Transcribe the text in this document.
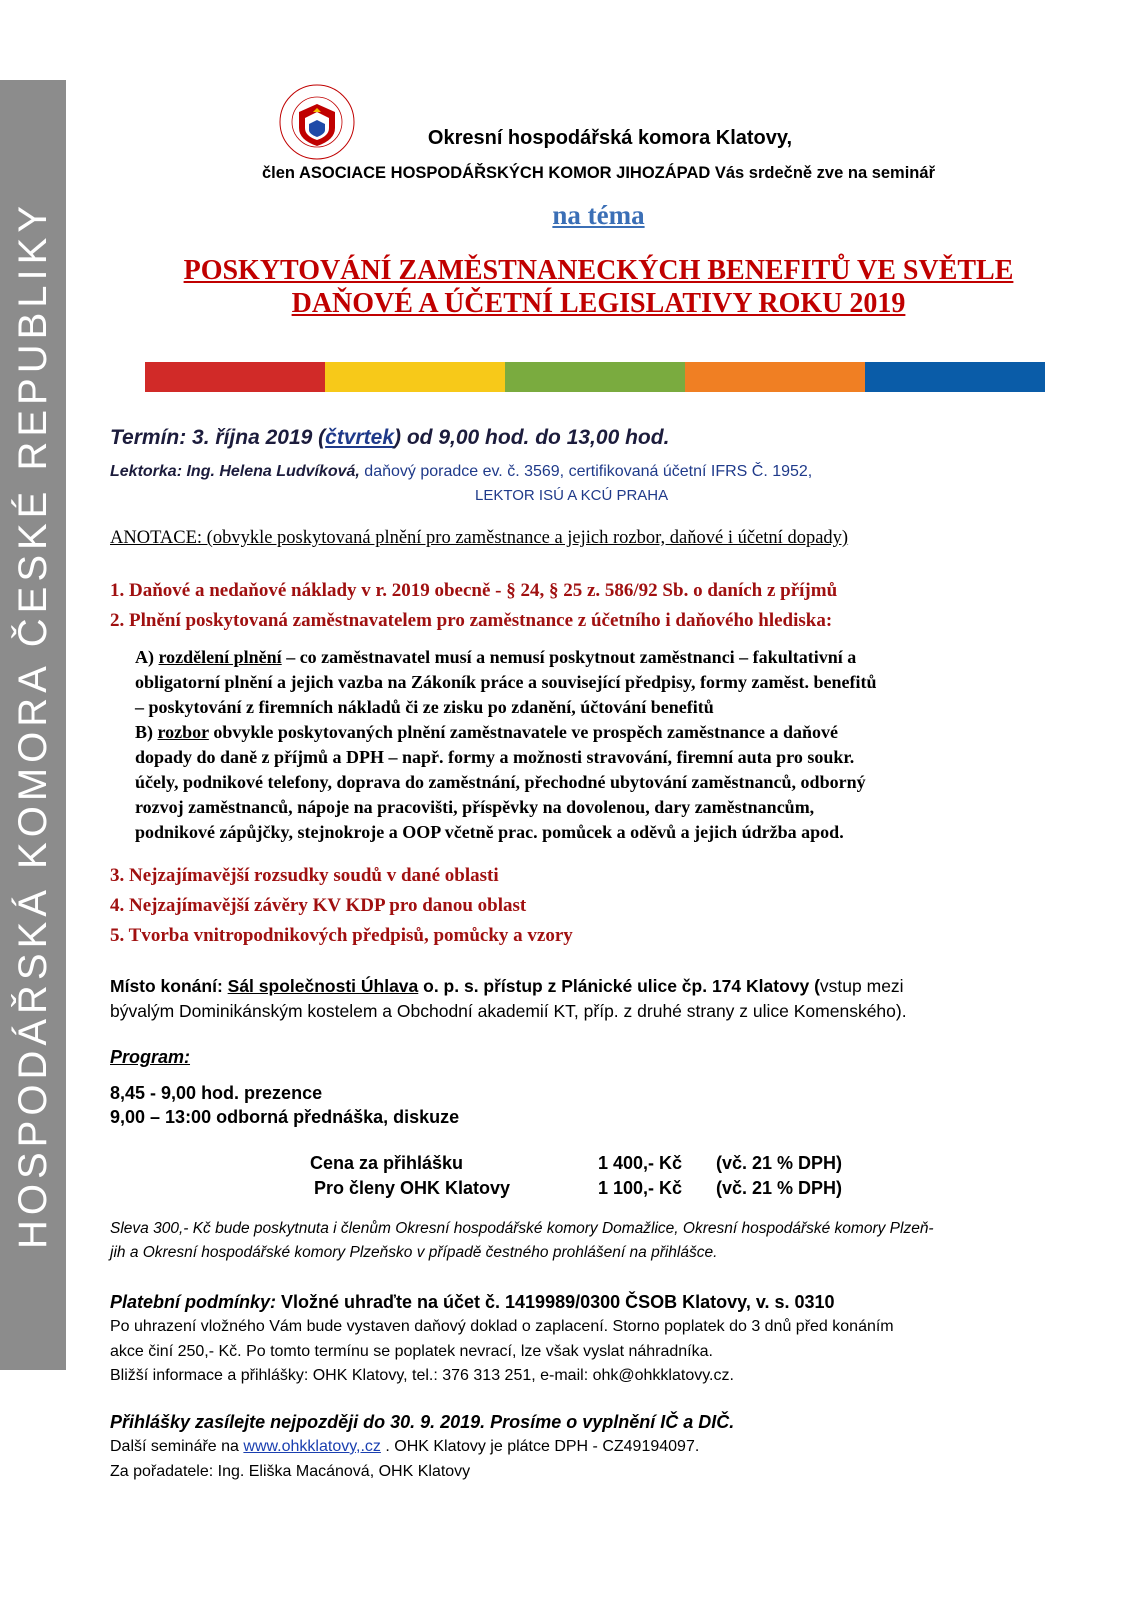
HOSPODÁŘSKÁ KOMORA ČESKÉ REPUBLIKY
Okresní hospodářská komora Klatovy,
člen ASOCIACE HOSPODÁŘSKÝCH KOMOR JIHOZÁPAD Vás srdečně zve na seminář
na téma
POSKYTOVÁNÍ ZAMĚSTNANECKÝCH BENEFITŮ VE SVĚTLE
DAŇOVÉ A ÚČETNÍ LEGISLATIVY ROKU 2019
Termín: 3. října 2019 (čtvrtek) od 9,00 hod. do 13,00 hod.
Lektorka: Ing. Helena Ludvíková, daňový poradce ev. č. 3569, certifikovaná účetní IFRS Č. 1952,
LEKTOR ISÚ A KCÚ PRAHA
ANOTACE: (obvykle poskytovaná plnění pro zaměstnance a jejich rozbor, daňové i účetní dopady)
1. Daňové a nedaňové náklady v r. 2019 obecně - § 24, § 25 z. 586/92 Sb. o daních z příjmů
2. Plnění poskytovaná zaměstnavatelem pro zaměstnance z účetního i daňového hlediska:
A) rozdělení plnění – co zaměstnavatel musí a nemusí poskytnout zaměstnanci – fakultativní a
obligatorní plnění a jejich vazba na Zákoník práce a související předpisy, formy zaměst. benefitů
– poskytování z firemních nákladů či ze zisku po zdanění, účtování benefitů
B) rozbor obvykle poskytovaných plnění zaměstnavatele ve prospěch zaměstnance a daňové
dopady do daně z příjmů a DPH – např. formy a možnosti stravování, firemní auta pro soukr.
účely, podnikové telefony, doprava do zaměstnání, přechodné ubytování zaměstnanců, odborný
rozvoj zaměstnanců, nápoje na pracovišti, příspěvky na dovolenou, dary zaměstnancům,
podnikové zápůjčky, stejnokroje a OOP včetně prac. pomůcek a oděvů a jejich údržba apod.
3. Nejzajímavější rozsudky soudů v dané oblasti
4. Nejzajímavější závěry KV KDP pro danou oblast
5. Tvorba vnitropodnikových předpisů, pomůcky a vzory
Místo konání: Sál společnosti Úhlava o. p. s. přístup z Plánické ulice čp. 174 Klatovy (vstup mezi
bývalým Dominikánským kostelem a Obchodní akademií KT, příp. z druhé strany z ulice Komenského).
Program:
8,45 - 9,00 hod. prezence
9,00 – 13:00 odborná přednáška, diskuze
Cena za přihlášku	1 400,- Kč (vč. 21 % DPH)
Pro členy OHK Klatovy	1 100,- Kč (vč. 21 % DPH)
Sleva 300,- Kč bude poskytnuta i členům Okresní hospodářské komory Domažlice, Okresní hospodářské komory Plzeň-
jih a Okresní hospodářské komory Plzeňsko v případě čestného prohlášení na přihlášce.
Platební podmínky: Vložné uhraďte na účet č. 1419989/0300 ČSOB Klatovy, v. s. 0310
Po uhrazení vložného Vám bude vystaven daňový doklad o zaplacení. Storno poplatek do 3 dnů před konáním
akce činí 250,- Kč. Po tomto termínu se poplatek nevrací, lze však vyslat náhradníka.
Bližší informace a přihlášky: OHK Klatovy, tel.: 376 313 251, e-mail: ohk@ohkklatovy.cz.
Přihlášky zasílejte nejpozději do 30. 9. 2019. Prosíme o vyplnění IČ a DIČ.
Další semináře na www.ohkklatovy,.cz . OHK Klatovy je plátce DPH - CZ49194097.
Za pořadatele: Ing. Eliška Macánová, OHK Klatovy
